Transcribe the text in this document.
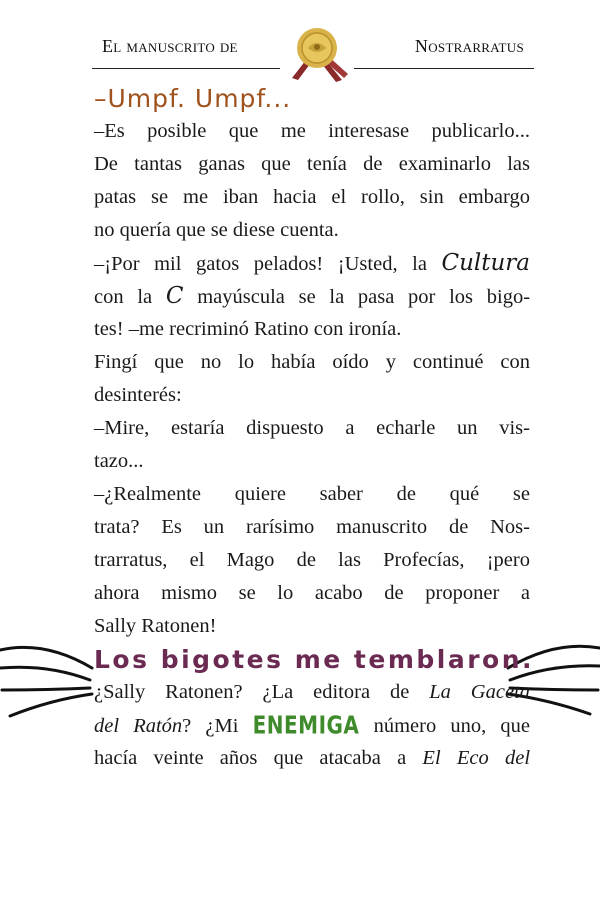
El manuscrito de	Nostrarratus
–Umpf. Umpf...
–Es posible que me interesase publicarlo...
De tantas ganas que tenía de examinarlo las
patas se me iban hacia el rollo, sin embargo
no quería que se diese cuenta.
–¡Por mil gatos pelados! ¡Usted, la Cultura
con la C mayúscula se la pasa por los bigo-
tes! –me recriminó Ratino con ironía.
Fingí que no lo había oído y continué con
desinterés:
–Mire, estaría dispuesto a echarle un vis-
tazo...
–¿Realmente quiere saber de qué se
trata? Es un rarísimo manuscrito de Nos-
trarratus, el Mago de las Profecías, ¡pero
ahora mismo se lo acabo de proponer a
Sally Ratonen!
Los bigotes me temblaron.
¿Sally Ratonen? ¿La editora de La Gaceta
del Ratón? ¿Mi ENEMIGA número uno, que
hacía veinte años que atacaba a El Eco del
